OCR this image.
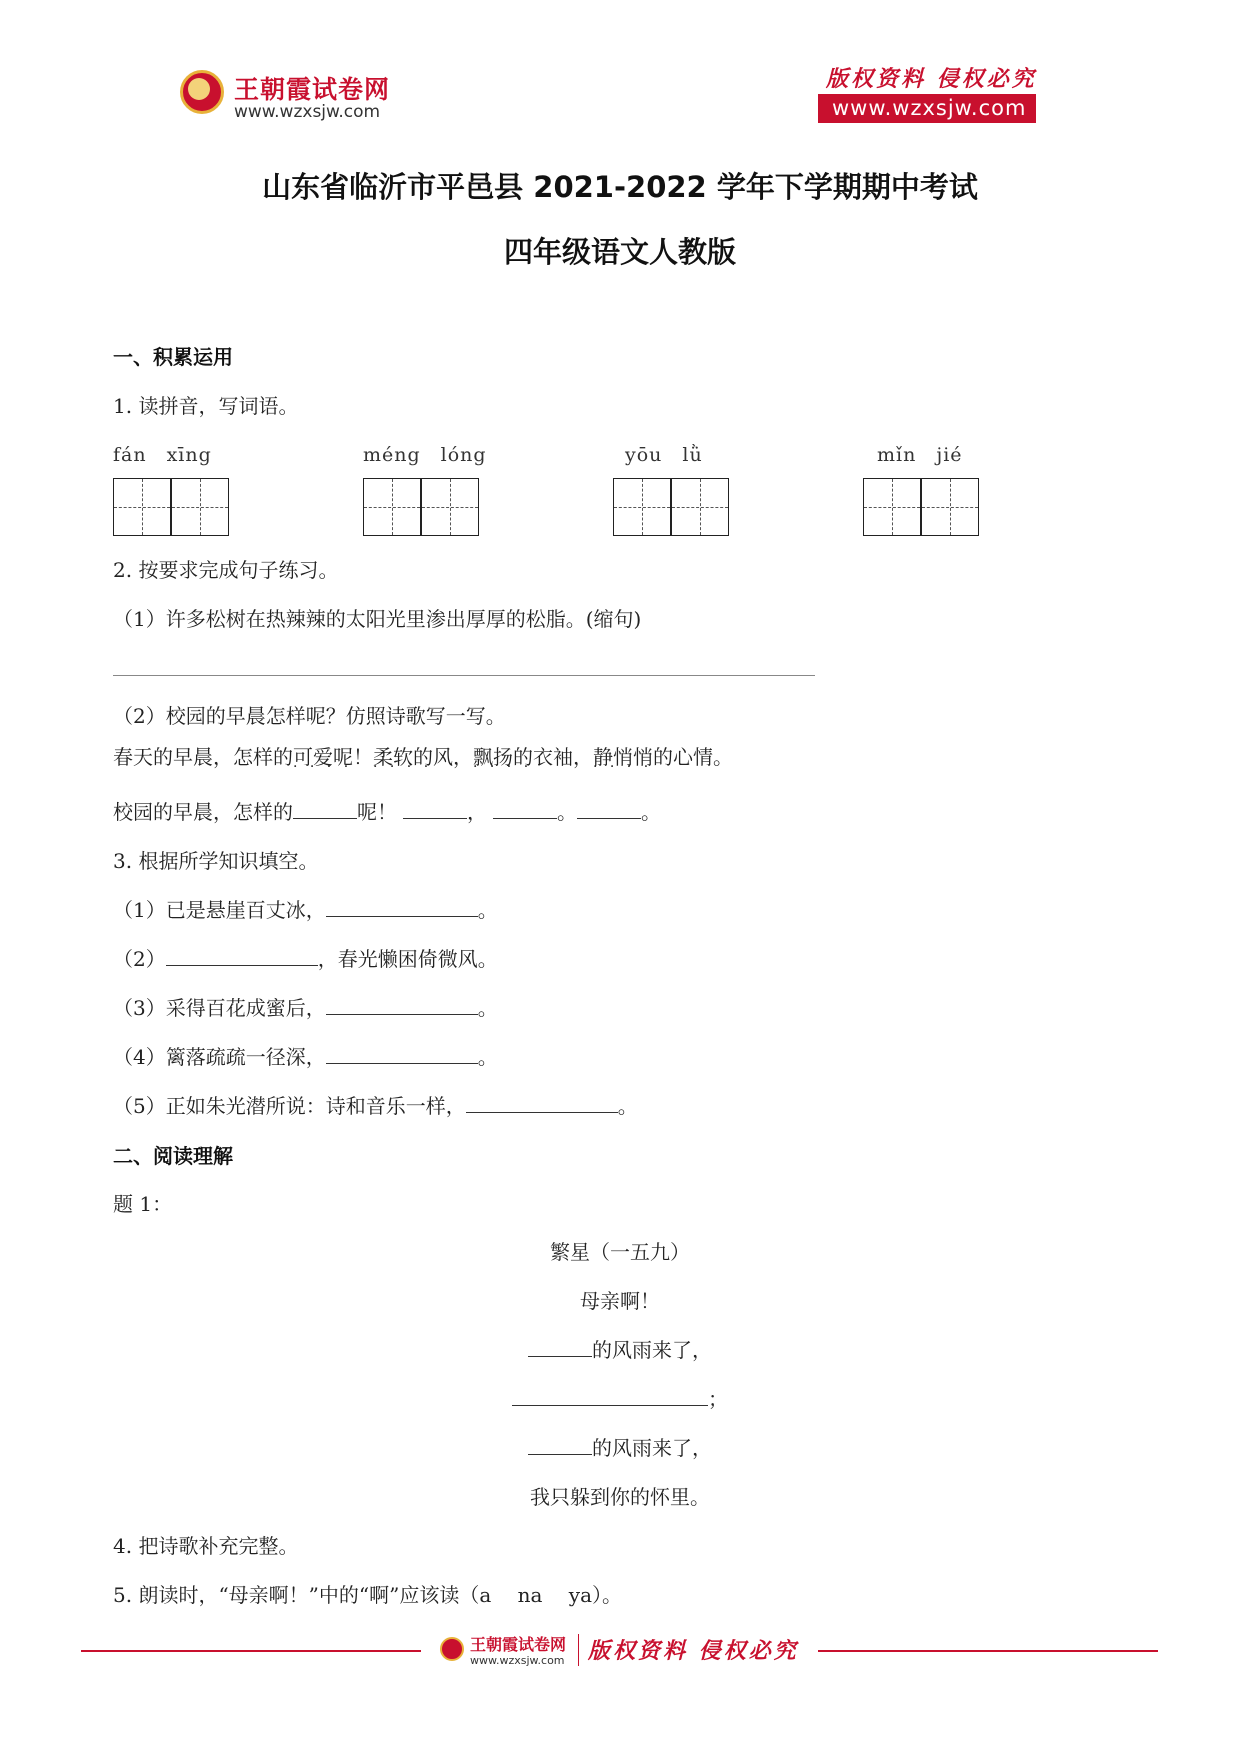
王朝霞试卷网
www.wzxsjw.com
版权资料 侵权必究
www.wzxsjw.com
山东省临沂市平邑县 2021-2022 学年下学期期中考试
四年级语文人教版
一、积累运用
1. 读拼音，写词语。
fán　xīng	méng　lóng	yōu　lǜ	mǐn　jié
2. 按要求完成句子练习。
（1）许多松树在热辣辣的太阳光里渗出厚厚的松脂。(缩句)
（2）校园的早晨怎样呢？仿照诗歌写一写。
春天的早晨，怎样的可爱 · · · ·呢！柔软的风 · · · ·，飘扬的衣袖 · · · ·，静悄悄的心情 · · · ·。
校园的早晨，怎样的	呢！	，	。	。
3. 根据所学知识填空。
（1）已是悬崖百丈冰，	。
（2）	，春光懒困倚微风。
（3）采得百花成蜜后，	。
（4）篱落疏疏一径深，	。
（5）正如朱光潜所说：诗和音乐一样，	。
二、阅读理解
题 1：
繁星（一五九）
母亲啊！
的风雨来了，
；
的风雨来了，
我只躲到你的怀里。
4. 把诗歌补充完整。
5. 朗读时，“母亲啊！”中的“啊”应该读（a　 na　 ya）。
王朝霞试卷网
www.wzxsjw.com 版权资料 侵权必究
